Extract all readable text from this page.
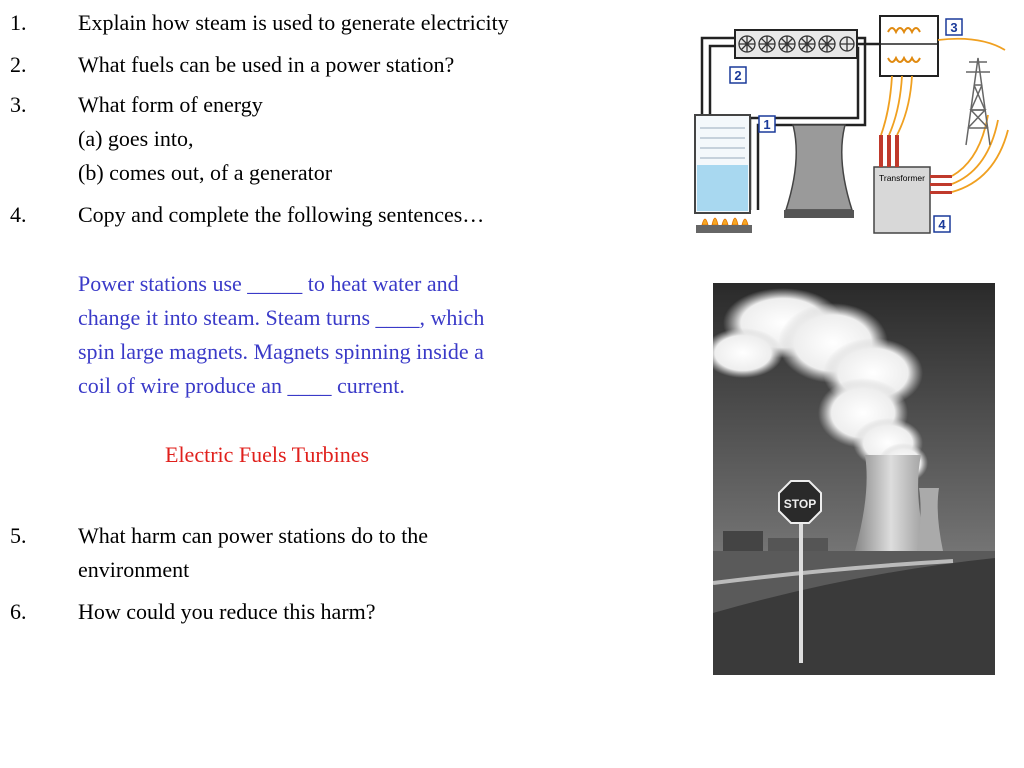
1.	Explain how steam is used to generate electricity
2.	What fuels can be used in a power station?
3.	What form of energy
(a) goes into,
(b) comes out, of a generator
4.	Copy and complete the following sentences…
Power stations use _____ to heat water and
change it into steam. Steam turns ____, which
spin large magnets. Magnets spinning inside a
coil of wire produce an ____ current.
Electric Fuels Turbines
5.	What harm can power stations do to the
environment
6.	How could you reduce this harm?
Transformer
1
2
3
4
STOP
